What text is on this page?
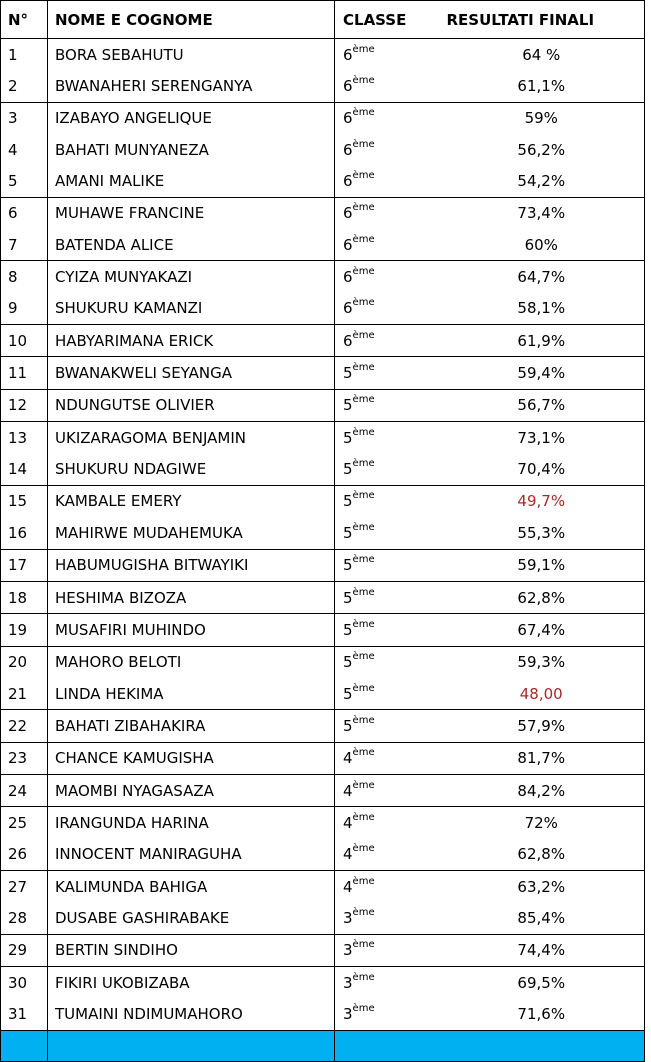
N°	NOME E COGNOME	CLASSE	RESULTATI FINALI
1	BORA SEBAHUTU	6ème	64 %
2	BWANAHERI SERENGANYA	6ème	61,1%
3	IZABAYO ANGELIQUE	6ème	59%
4	BAHATI MUNYANEZA	6ème	56,2%
5	AMANI MALIKE	6ème	54,2%
6	MUHAWE FRANCINE	6ème	73,4%
7	BATENDA ALICE	6ème	60%
8	CYIZA MUNYAKAZI	6ème	64,7%
9	SHUKURU KAMANZI	6ème	58,1%
10	HABYARIMANA ERICK	6ème	61,9%
11	BWANAKWELI SEYANGA	5ème	59,4%
12	NDUNGUTSE OLIVIER	5ème	56,7%
13	UKIZARAGOMA BENJAMIN	5ème	73,1%
14	SHUKURU NDAGIWE	5ème	70,4%
15	KAMBALE EMERY	5ème	49,7%
16	MAHIRWE MUDAHEMUKA	5ème	55,3%
17	HABUMUGISHA BITWAYIKI	5ème	59,1%
18	HESHIMA BIZOZA	5ème	62,8%
19	MUSAFIRI MUHINDO	5ème	67,4%
20	MAHORO BELOTI	5ème	59,3%
21	LINDA HEKIMA	5ème	48,00
22	BAHATI ZIBAHAKIRA	5ème	57,9%
23	CHANCE KAMUGISHA	4ème	81,7%
24	MAOMBI NYAGASAZA	4ème	84,2%
25	IRANGUNDA HARINA	4ème	72%
26	INNOCENT MANIRAGUHA	4ème	62,8%
27	KALIMUNDA BAHIGA	4ème	63,2%
28	DUSABE GASHIRABAKE	3ème	85,4%
29	BERTIN SINDIHO	3ème	74,4%
30	FIKIRI UKOBIZABA	3ème	69,5%
31	TUMAINI NDIMUMAHORO	3ème	71,6%
